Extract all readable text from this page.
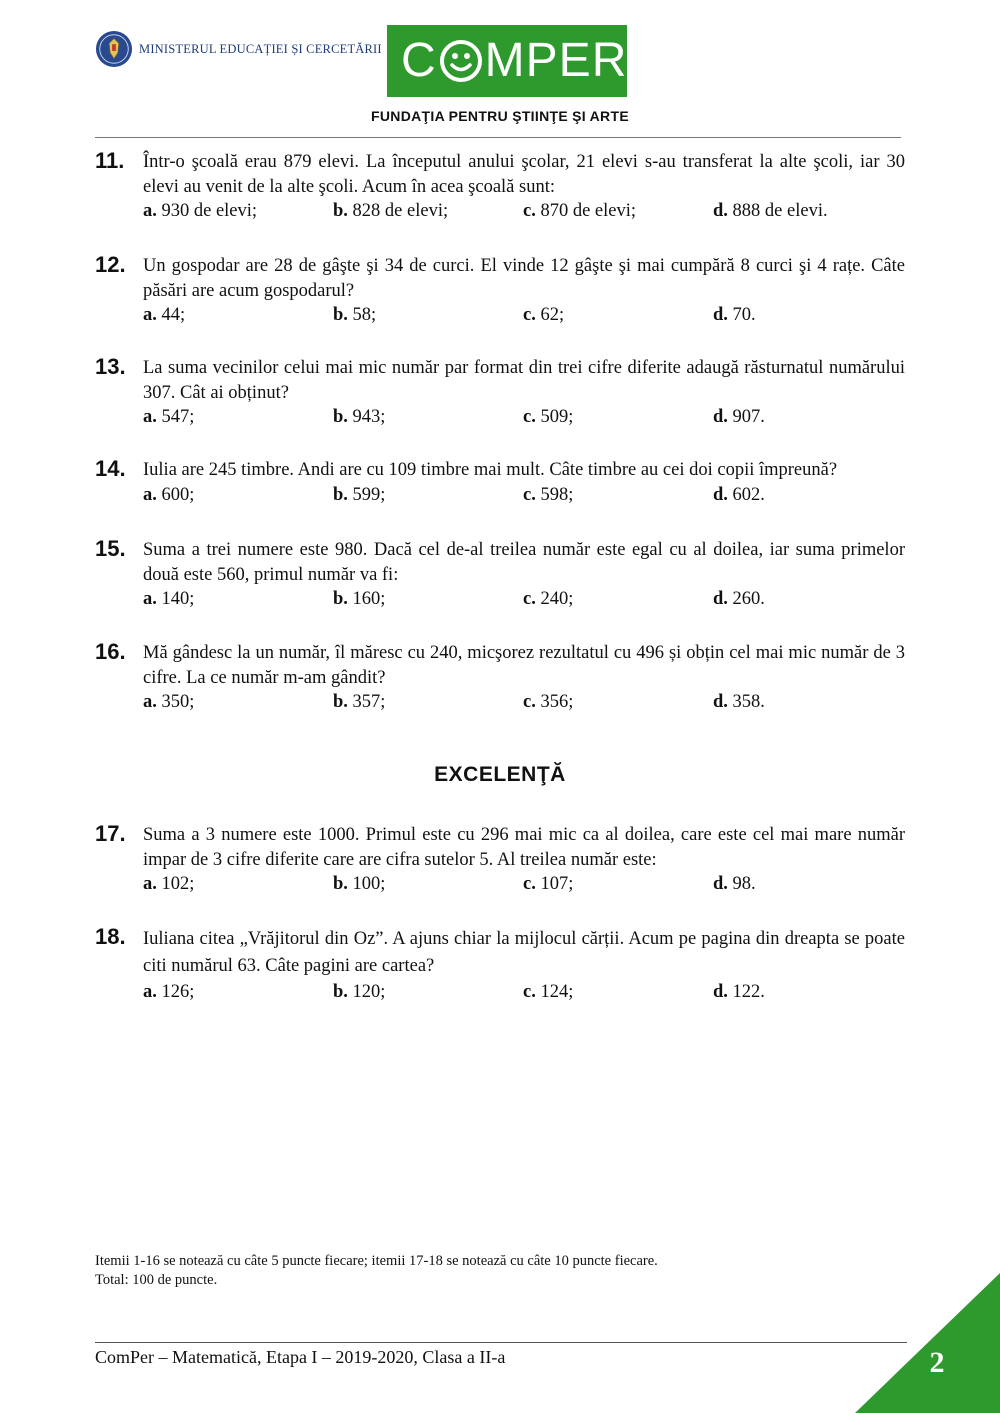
MINISTERUL EDUCAȚIEI ȘI CERCETĂRII C MPER
FUNDAŢIA PENTRU ŞTIINŢE ŞI ARTE
11. Într-o şcoală erau 879 elevi. La începutul anului şcolar, 21 elevi s-au transferat la alte şcoli, iar 30 elevi au venit de la alte şcoli. Acum în acea şcoală sunt:
a. 930 de elevi;	b. 828 de elevi;	c. 870 de elevi;	d. 888 de elevi.
12. Un gospodar are 28 de gâşte şi 34 de curci. El vinde 12 gâşte şi mai cumpără 8 curci şi 4 rațe. Câte păsări are acum gospodarul?
a. 44;	b. 58;	c. 62;	d. 70.
13. La suma vecinilor celui mai mic număr par format din trei cifre diferite adaugă răsturnatul numărului 307. Cât ai obținut?
a. 547;	b. 943;	c. 509;	d. 907.
14. Iulia are 245 timbre. Andi are cu 109 timbre mai mult. Câte timbre au cei doi copii împreună?
a. 600;	b. 599;	c. 598;	d. 602.
15. Suma a trei numere este 980. Dacă cel de-al treilea număr este egal cu al doilea, iar suma primelor două este 560, primul număr va fi:
a. 140;	b. 160;	c. 240;	d. 260.
16. Mă gândesc la un număr, îl măresc cu 240, micşorez rezultatul cu 496 și obțin cel mai mic număr de 3 cifre. La ce număr m-am gândit?
a. 350;	b. 357;	c. 356;	d. 358.
EXCELENŢĂ
17. Suma a 3 numere este 1000. Primul este cu 296 mai mic ca al doilea, care este cel mai mare număr impar de 3 cifre diferite care are cifra sutelor 5. Al treilea număr este:
a. 102;	b. 100;	c. 107;	d. 98.
18. Iuliana citea „Vrăjitorul din Oz”. A ajuns chiar la mijlocul cărții. Acum pe pagina din dreapta se poate citi numărul 63. Câte pagini are cartea?
a. 126;	b. 120;	c. 124;	d. 122.
Itemii 1-16 se notează cu câte 5 puncte fiecare; itemii 17-18 se notează cu câte 10 puncte fiecare.
Total: 100 de puncte.
ComPer – Matematică, Etapa I – 2019-2020, Clasa a II-a	2
